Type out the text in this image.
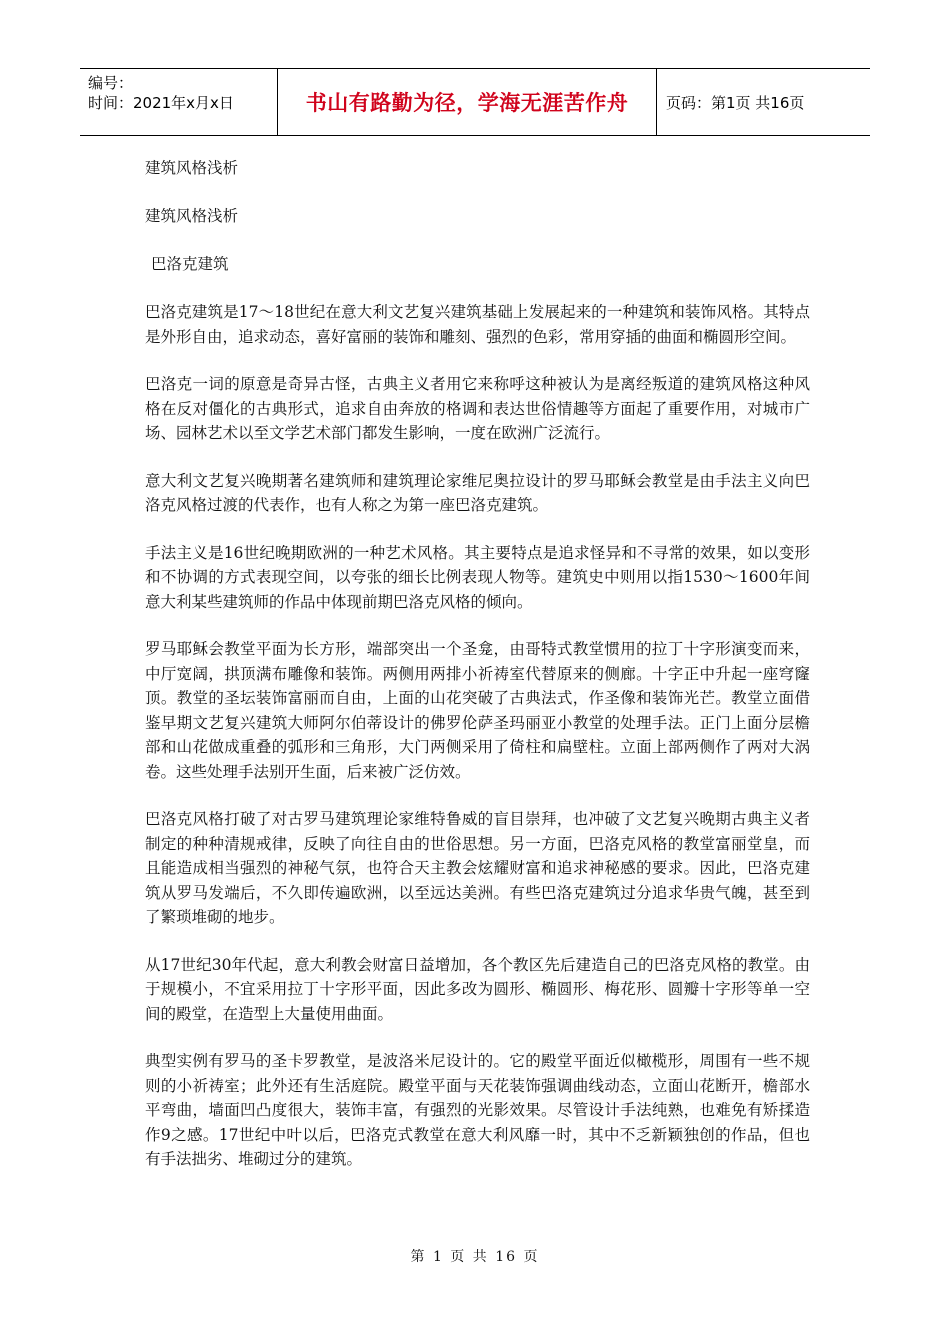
编号：
时间：2021年x月x日	书山有路勤为径，学海无涯苦作舟	页码：第1页 共16页
建筑风格浅析
建筑风格浅析
巴洛克建筑

巴洛克建筑是17～18世纪在意大利文艺复兴建筑基础上发展起来的一种建筑和装饰风格。其特点是外形自由，追求动态，喜好富丽的装饰和雕刻、强烈的色彩，常用穿插的曲面和椭圆形空间。

巴洛克一词的原意是奇异古怪，古典主义者用它来称呼这种被认为是离经叛道的建筑风格这种风格在反对僵化的古典形式，追求自由奔放的格调和表达世俗情趣等方面起了重要作用，对城市广场、园林艺术以至文学艺术部门都发生影响，一度在欧洲广泛流行。

意大利文艺复兴晚期著名建筑师和建筑理论家维尼奥拉设计的罗马耶稣会教堂是由手法主义向巴洛克风格过渡的代表作，也有人称之为第一座巴洛克建筑。

手法主义是16世纪晚期欧洲的一种艺术风格。其主要特点是追求怪异和不寻常的效果，如以变形和不协调的方式表现空间，以夸张的细长比例表现人物等。建筑史中则用以指1530～1600年间意大利某些建筑师的作品中体现前期巴洛克风格的倾向。

罗马耶稣会教堂平面为长方形，端部突出一个圣龛，由哥特式教堂惯用的拉丁十字形演变而来，中厅宽阔，拱顶满布雕像和装饰。两侧用两排小祈祷室代替原来的侧廊。十字正中升起一座穹窿顶。教堂的圣坛装饰富丽而自由，上面的山花突破了古典法式，作圣像和装饰光芒。教堂立面借鉴早期文艺复兴建筑大师阿尔伯蒂设计的佛罗伦萨圣玛丽亚小教堂的处理手法。正门上面分层檐部和山花做成重叠的弧形和三角形，大门两侧采用了倚柱和扁壁柱。立面上部两侧作了两对大涡卷。这些处理手法别开生面，后来被广泛仿效。

巴洛克风格打破了对古罗马建筑理论家维特鲁威的盲目崇拜，也冲破了文艺复兴晚期古典主义者制定的种种清规戒律，反映了向往自由的世俗思想。另一方面，巴洛克风格的教堂富丽堂皇，而且能造成相当强烈的神秘气氛，也符合天主教会炫耀财富和追求神秘感的要求。因此，巴洛克建筑从罗马发端后，不久即传遍欧洲，以至远达美洲。有些巴洛克建筑过分追求华贵气魄，甚至到了繁琐堆砌的地步。

从17世纪30年代起，意大利教会财富日益增加，各个教区先后建造自己的巴洛克风格的教堂。由于规模小，不宜采用拉丁十字形平面，因此多改为圆形、椭圆形、梅花形、圆瓣十字形等单一空间的殿堂，在造型上大量使用曲面。

典型实例有罗马的圣卡罗教堂，是波洛米尼设计的。它的殿堂平面近似橄榄形，周围有一些不规则的小祈祷室；此外还有生活庭院。殿堂平面与天花装饰强调曲线动态，立面山花断开，檐部水平弯曲，墙面凹凸度很大，装饰丰富，有强烈的光影效果。尽管设计手法纯熟，也难免有矫揉造作9之感。17世纪中叶以后，巴洛克式教堂在意大利风靡一时，其中不乏新颖独创的作品，但也有手法拙劣、堆砌过分的建筑。

第 1 页 共 16 页
